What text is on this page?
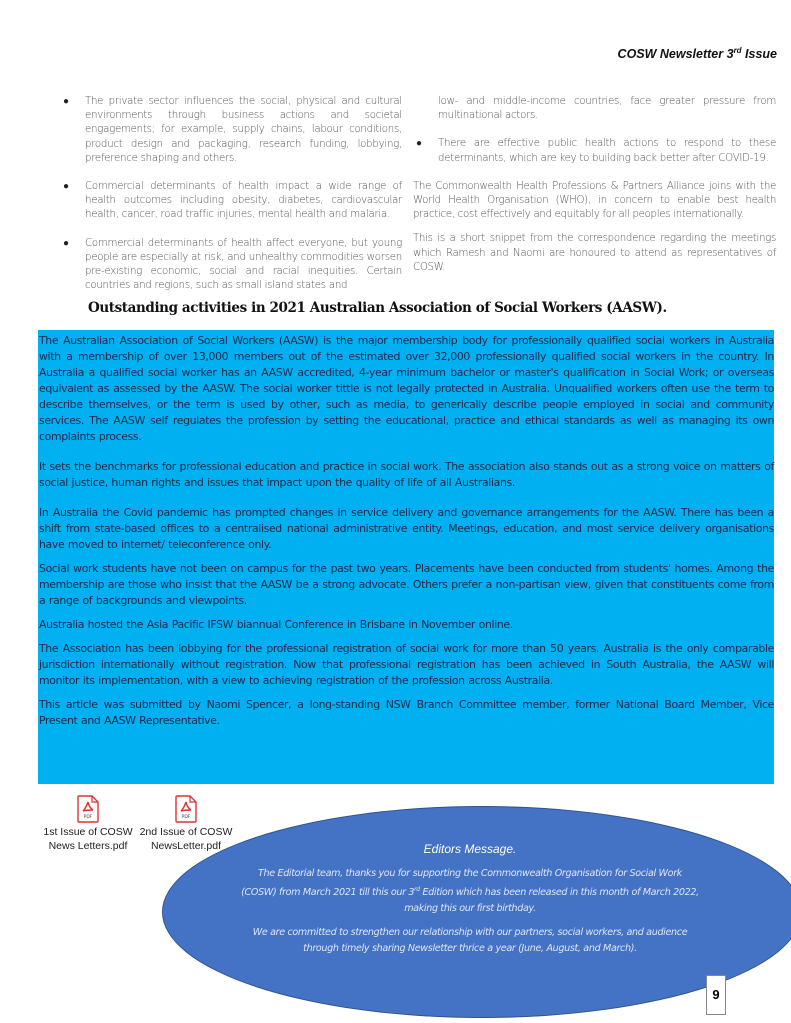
COSW Newsletter 3rd Issue
● The private sector influences the social, physical and cultural environments through business actions and societal engagements; for example, supply chains, labour conditions, product design and packaging, research funding, lobbying, preference shaping and others.
● Commercial determinants of health impact a wide range of health outcomes including obesity, diabetes, cardiovascular health, cancer, road traffic injuries, mental health and malaria.
● Commercial determinants of health affect everyone, but young people are especially at risk, and unhealthy commodities worsen pre-existing economic, social and racial inequities. Certain countries and regions, such as small island states and
low- and middle-income countries, face greater pressure from multinational actors.
● There are effective public health actions to respond to these determinants, which are key to building back better after COVID-19.
The Commonwealth Health Professions & Partners Alliance joins with the World Health Organisation (WHO), in concern to enable best health practice, cost effectively and equitably for all peoples internationally.
This is a short snippet from the correspondence regarding the meetings which Ramesh and Naomi are honoured to attend as representatives of COSW.
Outstanding activities in 2021 Australian Association of Social Workers (AASW).

The Australian Association of Social Workers (AASW) is the major membership body for professionally qualified social workers in Australia with a membership of over 13,000 members out of the estimated over 32,000 professionally qualified social workers in the country. In Australia a qualified social worker has an AASW accredited, 4-year minimum bachelor or master's qualification in Social Work; or overseas equivalent as assessed by the AASW. The social worker tittle is not legally protected in Australia. Unqualified workers often use the term to describe themselves, or the term is used by other, such as media, to generically describe people employed in social and community services. The AASW self regulates the profession by setting the educational, practice and ethical standards as well as managing its own complaints process.

It sets the benchmarks for professional education and practice in social work. The association also stands out as a strong voice on matters of social justice, human rights and issues that impact upon the quality of life of all Australians.

In Australia the Covid pandemic has prompted changes in service delivery and governance arrangements for the AASW. There has been a shift from state-based offices to a centralised national administrative entity. Meetings, education, and most service delivery organisations have moved to internet/ teleconference only.

Social work students have not been on campus for the past two years. Placements have been conducted from students' homes. Among the membership are those who insist that the AASW be a strong advocate. Others prefer a non-partisan view, given that constituents come from a range of backgrounds and viewpoints.

Australia hosted the Asia Pacific IFSW biannual Conference in Brisbane in November online.

The Association has been lobbying for the professional registration of social work for more than 50 years. Australia is the only comparable jurisdiction internationally without registration. Now that professional registration has been achieved in South Australia, the AASW will monitor its implementation, with a view to achieving registration of the profession across Australia.

This article was submitted by Naomi Spencer, a long-standing NSW Branch Committee member, former National Board Member, Vice Present and AASW Representative.

PDF
1st Issue of COSW
News Letters.pdf
PDF
2nd Issue of COSW
NewsLetter.pdf	Editors Message.

The Editorial team, thanks you for supporting the Commonwealth Organisation for Social Work (COSW) from March 2021 till this our 3rd Edition which has been released in this month of March 2022, making this our first birthday.

We are committed to strengthen our relationship with our partners, social workers, and audience through timely sharing Newsletter thrice a year (June, August, and March).

9
